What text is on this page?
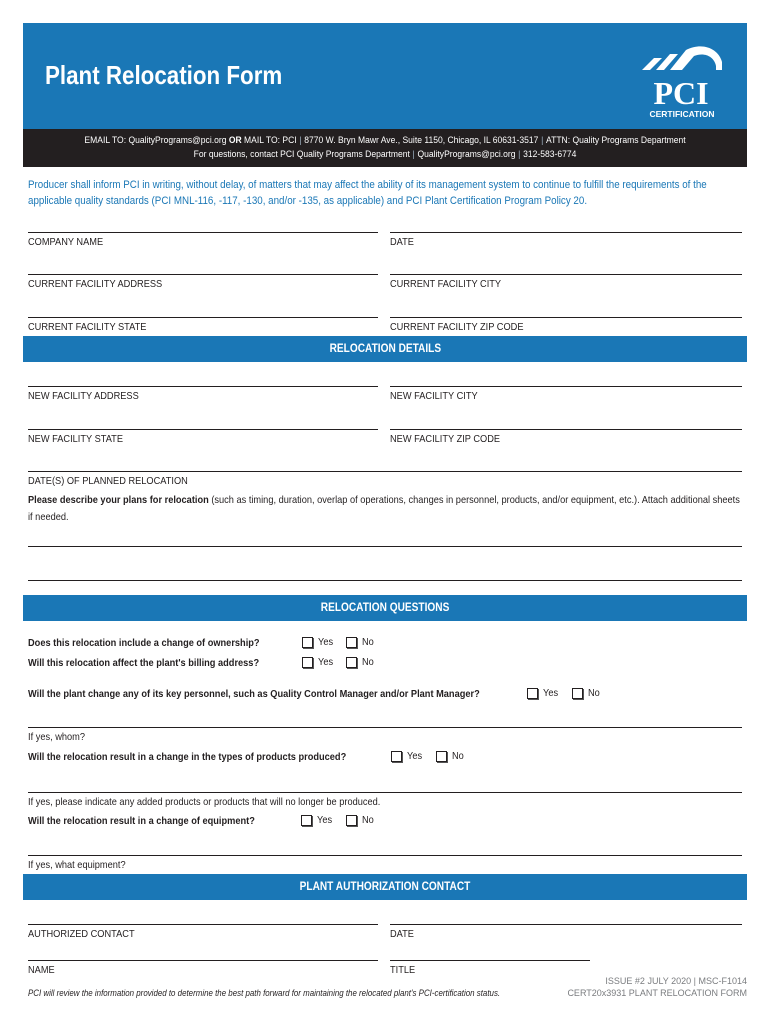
Plant Relocation Form	PCI
CERTIFICATION
EMAIL TO: QualityPrograms@pci.org OR MAIL TO: PCI | 8770 W. Bryn Mawr Ave., Suite 1150, Chicago, IL 60631-3517 | ATTN: Quality Programs Department
For questions, contact PCI Quality Programs Department | QualityPrograms@pci.org | 312-583-6774
Producer shall inform PCI in writing, without delay, of matters that may affect the ability of its management system to continue to fulfill the requirements of the applicable quality standards (PCI MNL-116, -117, -130, and/or -135, as applicable) and PCI Plant Certification Program Policy 20.
COMPANY NAME	DATE
CURRENT FACILITY ADDRESS	CURRENT FACILITY CITY
CURRENT FACILITY STATE	CURRENT FACILITY ZIP CODE
RELOCATION DETAILS
NEW FACILITY ADDRESS	NEW FACILITY CITY
NEW FACILITY STATE	NEW FACILITY ZIP CODE
DATE(S) OF PLANNED RELOCATION
Please describe your plans for relocation (such as timing, duration, overlap of operations, changes in personnel, products, and/or equipment, etc.). Attach additional sheets if needed.
RELOCATION QUESTIONS
Does this relocation include a change of ownership?	Yes	No
Will this relocation affect the plant's billing address?	Yes	No
Will the plant change any of its key personnel, such as Quality Control Manager and/or Plant Manager?	Yes	No
If yes, whom?
Will the relocation result in a change in the types of products produced?	Yes	No
If yes, please indicate any added products or products that will no longer be produced.
Will the relocation result in a change of equipment?	Yes	No
If yes, what equipment?
PLANT AUTHORIZATION CONTACT
AUTHORIZED CONTACT	DATE
NAME	TITLE
PCI will review the information provided to determine the best path forward for maintaining the relocated plant's PCI-certification status.
ISSUE #2 JULY 2020 | MSC-F1014
CERT20x3931 PLANT RELOCATION FORM
